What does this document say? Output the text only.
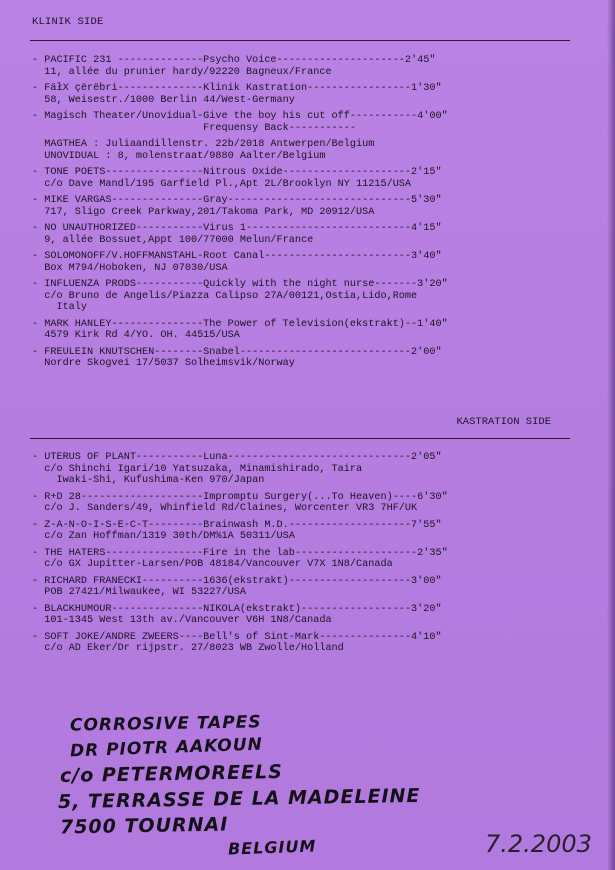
KLINIK SIDE
- PACIFIC 231 --------------Psycho Voice---------------------2'45"
11, allée du prunier hardy/92220 Bagneux/France
- FäłX çërëbri--------------Klinik Kastration-----------------1'30"
58, Weisestr./1000 Berlin 44/West-Germany
- Magisch Theater/Unovidual-Give the boy his cut off-----------4'00"
Frequensy Back-----------
MAGTHEA : Juliaandillenstr. 22b/2018 Antwerpen/Belgium
UNOVIDUAL : 8, molenstraat/9880 Aalter/Belgium
- TONE POETS----------------Nitrous Oxide---------------------2'15"
c/o Dave Mandl/195 Garfield Pl.,Apt 2L/Brooklyn NY 11215/USA
- MIKE VARGAS---------------Gray------------------------------5'30"
717, Sligo Creek Parkway,201/Takoma Park, MD 20912/USA
- NO UNAUTHORIZED-----------Virus 1---------------------------4'15"
9, allée Bossuet,Appt 100/77000 Melun/France
- SOLOMONOFF/V.HOFFMANSTAHL-Root Canal------------------------3'40"
Box M794/Hoboken, NJ 07030/USA
- INFLUENZA PRODS-----------Quickly with the night nurse-------3'20"
c/o Bruno de Angelis/Piazza Calipso 27A/00121,Ostia,Lido,Rome
Italy
- MARK HANLEY---------------The Power of Television(ekstrakt)--1'40"
4579 Kirk Rd 4/YO. OH. 44515/USA
- FREULEIN KNUTSCHEN--------Snabel----------------------------2'00"
Nordre Skogvei 17/5037 Solheimsvik/Norway
KASTRATION SIDE
- UTERUS OF PLANT-----------Luna------------------------------2'05"
c/o Shinchi Igari/10 Yatsuzaka, Minamishirado, Taira
Iwaki-Shi, Kufushima-Ken 970/Japan
- R+D 28--------------------Impromptu Surgery(...To Heaven)----6'30"
c/o J. Sanders/49, Whinfield Rd/Claines, Worcenter VR3 7HF/UK
- Z-A-N-O-I-S-E-C-T---------Brainwash M.D.--------------------7'55"
c/o Zan Hoffman/1319 30th/DM%1A 50311/USA
- THE HATERS----------------Fire in the lab--------------------2'35"
c/o GX Jupitter-Larsen/POB 48184/Vancouver V7X 1N8/Canada
- RICHARD FRANECKI----------1636(ekstrakt)--------------------3'00"
POB 27421/Milwaukee, WI 53227/USA
- BLACKHUMOUR---------------NIKOLA(ekstrakt)------------------3'20"
101-1345 West 13th av./Vancouver V6H 1N8/Canada
- SOFT JOKE/ANDRE ZWEERS----Bell's of Sint-Mark---------------4'10"
c/o AD Eker/Dr rijpstr. 27/8023 WB Zwolle/Holland
CORROSIVE TAPES
DR PIOTR AAKOUN
c/o PETERMOREELS
5, TERRASSE DE LA MADELEINE
7500 TOURNAI
BELGIUM	7.2.2003
